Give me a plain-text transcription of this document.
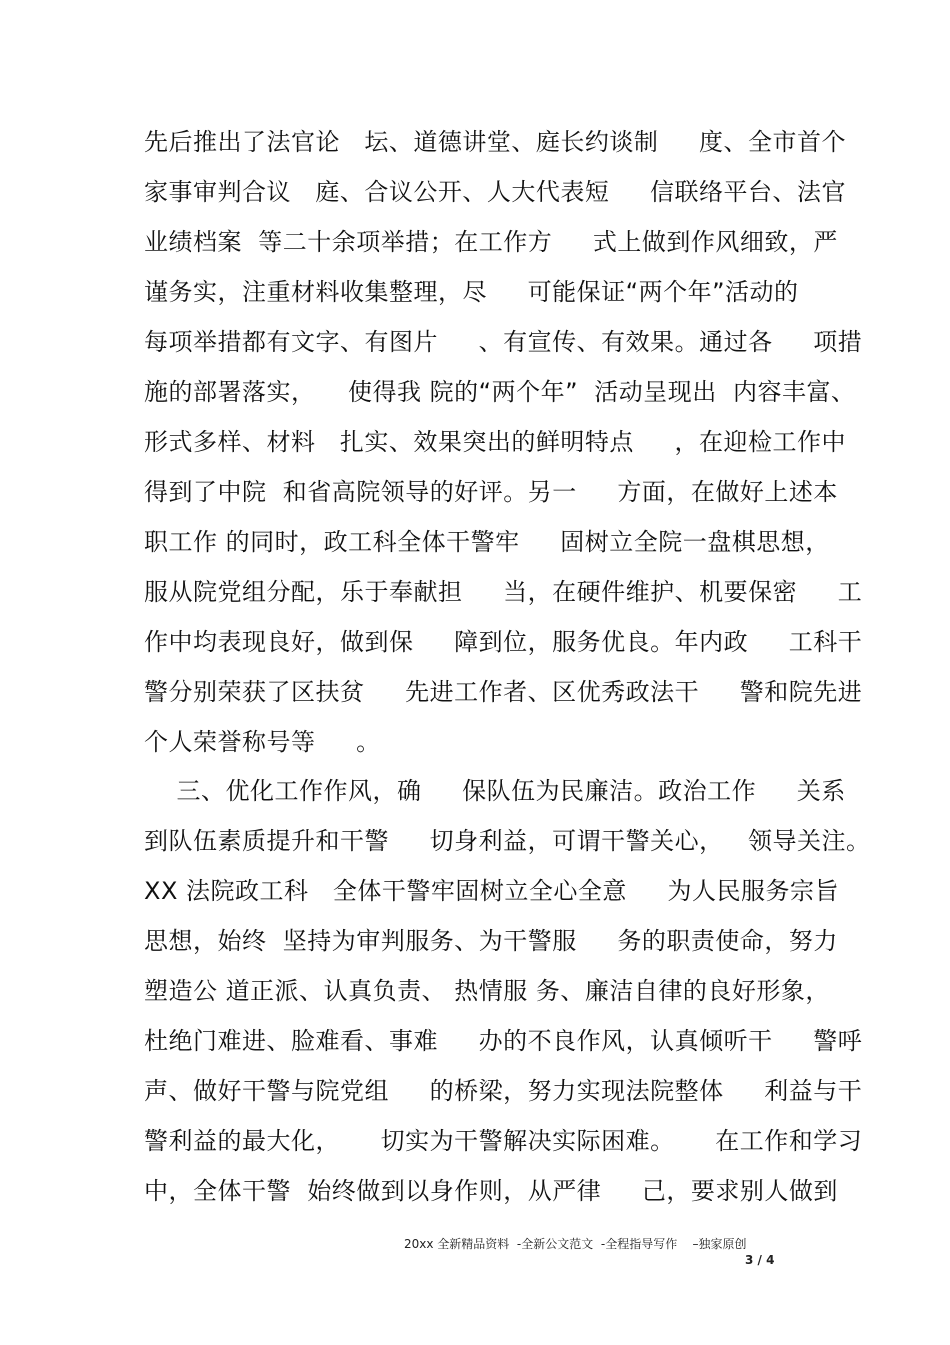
先后推出了法官论   坛、道德讲堂、庭长约谈制     度、全市首个
家事审判合议   庭、合议公开、人大代表短     信联络平台、法官
业绩档案  等二十余项举措；在工作方     式上做到作风细致，严
谨务实，注重材料收集整理，尽     可能保证“两个年”活动的
每项举措都有文字、有图片     、有宣传、有效果。通过各     项措
施的部署落实，    使得我 院的“两个年”  活动呈现出  内容丰富、
形式多样、材料   扎实、效果突出的鲜明特点     ，在迎检工作中
得到了中院  和省高院领导的好评。另一     方面，在做好上述本
职工作 的同时，政工科全体干警牢     固树立全院一盘棋思想，
服从院党组分配，乐于奉献担     当，在硬件维护、机要保密     工
作中均表现良好，做到保     障到位，服务优良。年内政     工科干
警分别荣获了区扶贫     先进工作者、区优秀政法干     警和院先进
个人荣誉称号等     。
三、优化工作作风，确     保队伍为民廉洁。政治工作     关系
到队伍素质提升和干警     切身利益，可谓干警关心，   领导关注。
XX 法院政工科   全体干警牢固树立全心全意     为人民服务宗旨
思想，始终  坚持为审判服务、为干警服     务的职责使命，努力
塑造公 道正派、认真负责、 热情服 务、廉洁自律的良好形象，
杜绝门难进、脸难看、事难     办的不良作风，认真倾听干     警呼
声、做好干警与院党组     的桥梁，努力实现法院整体     利益与干
警利益的最大化，     切实为干警解决实际困难。     在工作和学习
中，全体干警  始终做到以身作则，从严律     己，要求别人做到
20xx 全新精品资料  -全新公文范文  -全程指导写作    –独家原创
3 / 4
